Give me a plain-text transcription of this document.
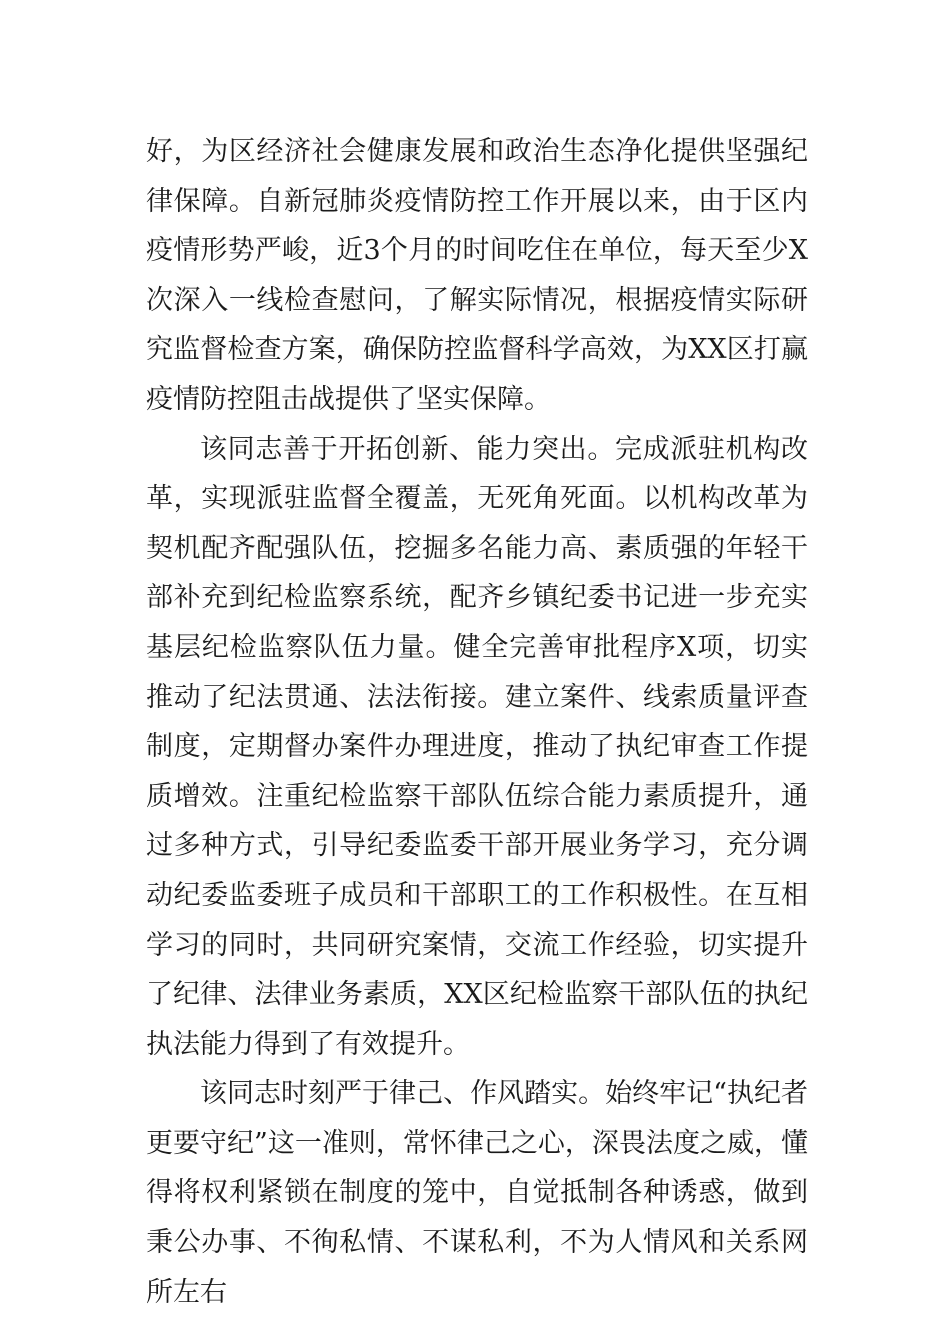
好，为区经济社会健康发展和政治生态净化提供坚强纪律保障。自新冠肺炎疫情防控工作开展以来，由于区内疫情形势严峻，近3个月的时间吃住在单位，每天至少X次深入一线检查慰问，了解实际情况，根据疫情实际研究监督检查方案，确保防控监督科学高效，为XX区打赢疫情防控阻击战提供了坚实保障。

该同志善于开拓创新、能力突出。完成派驻机构改革，实现派驻监督全覆盖，无死角死面。以机构改革为契机配齐配强队伍，挖掘多名能力高、素质强的年轻干部补充到纪检监察系统，配齐乡镇纪委书记进一步充实基层纪检监察队伍力量。健全完善审批程序X项，切实推动了纪法贯通、法法衔接。建立案件、线索质量评查制度，定期督办案件办理进度，推动了执纪审查工作提质增效。注重纪检监察干部队伍综合能力素质提升，通过多种方式，引导纪委监委干部开展业务学习，充分调动纪委监委班子成员和干部职工的工作积极性。在互相学习的同时，共同研究案情，交流工作经验，切实提升了纪律、法律业务素质，XX区纪检监察干部队伍的执纪执法能力得到了有效提升。

该同志时刻严于律己、作风踏实。始终牢记“执纪者更要守纪”这一准则，常怀律己之心，深畏法度之威，懂得将权利紧锁在制度的笼中，自觉抵制各种诱惑，做到秉公办事、不徇私情、不谋私利，不为人情风和关系网所左右
